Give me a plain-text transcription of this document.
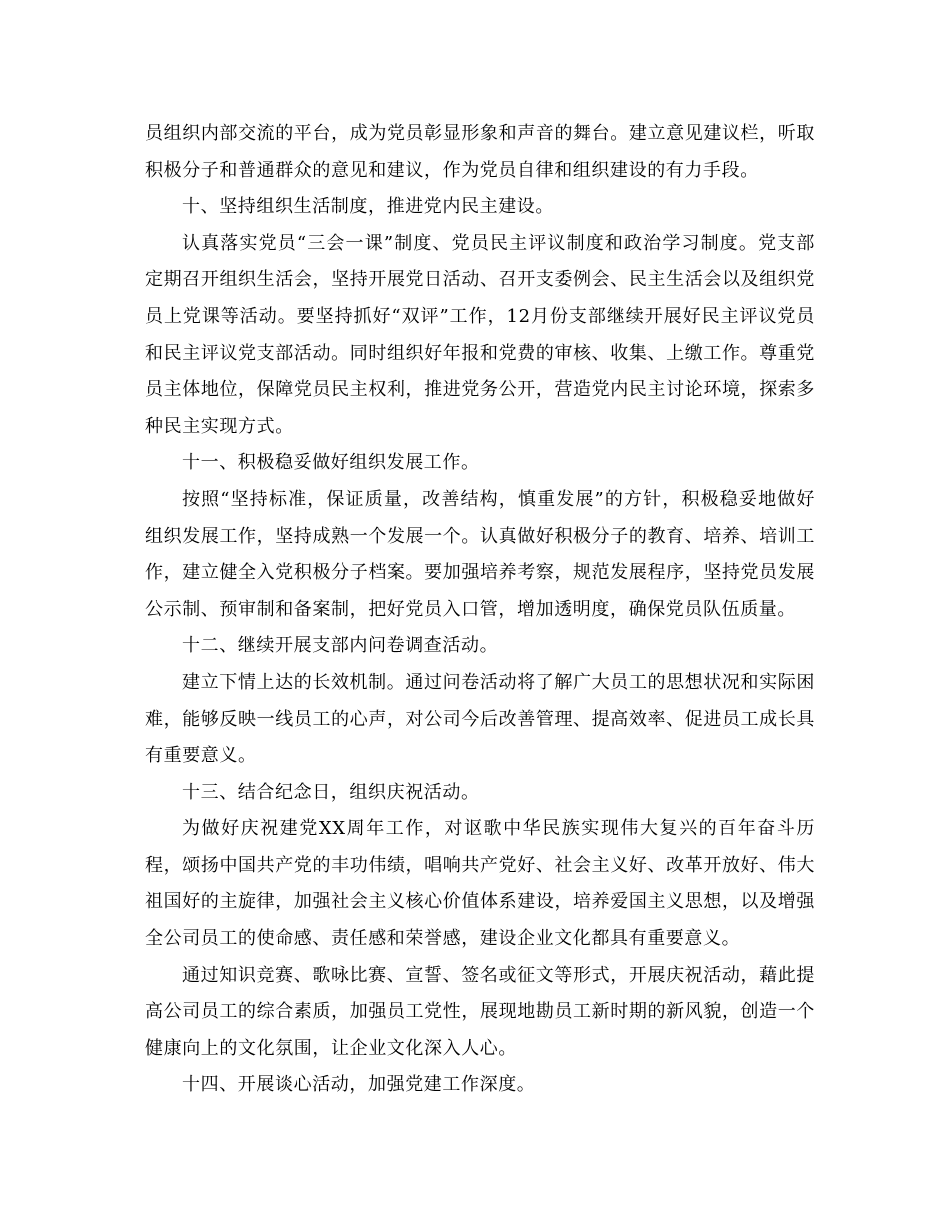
员组织内部交流的平台，成为党员彰显形象和声音的舞台。建立意见建议栏，听取积极分子和普通群众的意见和建议，作为党员自律和组织建设的有力手段。

十、坚持组织生活制度，推进党内民主建设。

认真落实党员“三会一课”制度、党员民主评议制度和政治学习制度。党支部定期召开组织生活会，坚持开展党日活动、召开支委例会、民主生活会以及组织党员上党课等活动。要坚持抓好“双评”工作，12月份支部继续开展好民主评议党员和民主评议党支部活动。同时组织好年报和党费的审核、收集、上缴工作。尊重党员主体地位，保障党员民主权利，推进党务公开，营造党内民主讨论环境，探索多种民主实现方式。

十一、积极稳妥做好组织发展工作。

按照“坚持标准，保证质量，改善结构，慎重发展”的方针，积极稳妥地做好组织发展工作，坚持成熟一个发展一个。认真做好积极分子的教育、培养、培训工作，建立健全入党积极分子档案。要加强培养考察，规范发展程序，坚持党员发展公示制、预审制和备案制，把好党员入口管，增加透明度，确保党员队伍质量。

十二、继续开展支部内问卷调查活动。

建立下情上达的长效机制。通过问卷活动将了解广大员工的思想状况和实际困难，能够反映一线员工的心声，对公司今后改善管理、提高效率、促进员工成长具有重要意义。

十三、结合纪念日，组织庆祝活动。

为做好庆祝建党XX周年工作，对讴歌中华民族实现伟大复兴的百年奋斗历程，颂扬中国共产党的丰功伟绩，唱响共产党好、社会主义好、改革开放好、伟大祖国好的主旋律，加强社会主义核心价值体系建设，培养爱国主义思想，以及增强全公司员工的使命感、责任感和荣誉感，建设企业文化都具有重要意义。

通过知识竞赛、歌咏比赛、宣誓、签名或征文等形式，开展庆祝活动，藉此提高公司员工的综合素质，加强员工党性，展现地勘员工新时期的新风貌，创造一个健康向上的文化氛围，让企业文化深入人心。

十四、开展谈心活动，加强党建工作深度。
